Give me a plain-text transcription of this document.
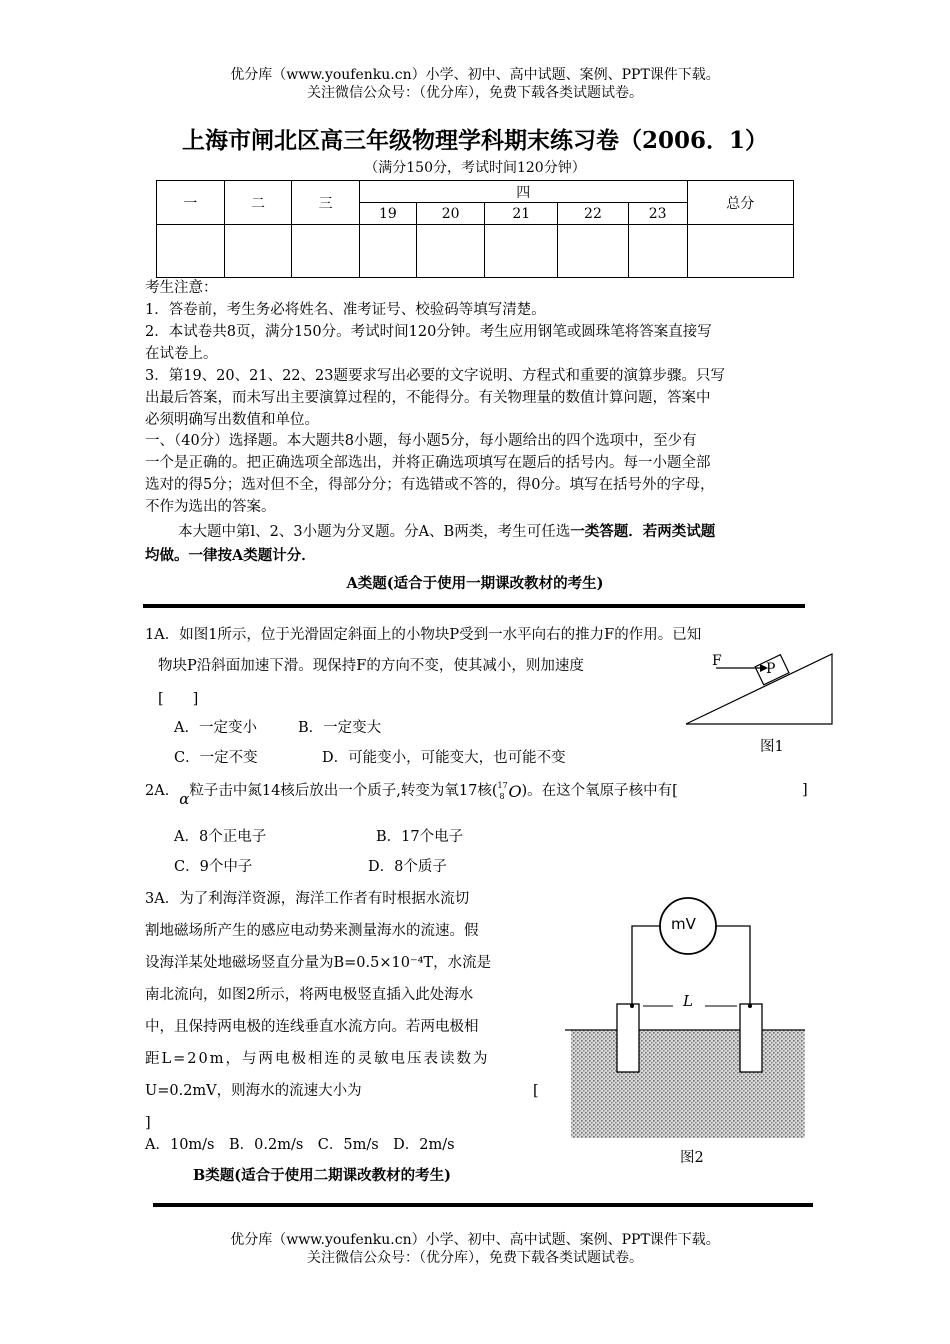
优分库（www.youfenku.cn）小学、初中、高中试题、案例、PPT课件下载。
关注微信公众号：（优分库），免费下载各类试题试卷。
上海市闸北区高三年级物理学科期末练习卷（2006．1）
（满分150分，考试时间120分钟）
一	二	三	四					总分
			19	20	21	22	23	

考生注意：
1．答卷前，考生务必将姓名、准考证号、校验码等填写清楚。
2．本试卷共8页，满分150分。考试时间120分钟。考生应用钢笔或圆珠笔将答案直接写
在试卷上。
3．第19、20、21、22、23题要求写出必要的文字说明、方程式和重要的演算步骤。只写
出最后答案，而未写出主要演算过程的，不能得分。有关物理量的数值计算问题，答案中
必须明确写出数值和单位。
一、（40分）选择题。本大题共8小题，每小题5分，每小题给出的四个选项中，至少有
一个是正确的。把正确选项全部选出，并将正确选项填写在题后的括号内。每一小题全部
选对的得5分；选对但不全，得部分分；有选错或不答的，得0分。填写在括号外的字母，
不作为选出的答案。
本大题中第l、2、3小题为分叉题。分A、B两类，考生可任选一类答题．若两类试题
均做。一律按A类题计分．
A类题(适合于使用一期课改教材的考生)
1A．如图1所示，位于光滑固定斜面上的小物块P受到一水平向右的推力F的作用。已知
物块P沿斜面加速下滑。现保持F的方向不变，使其减小，则加速度
[　　]
A．一定变小	B．一定变大
C．一定不变	D．可能变小，可能变大，也可能不变
F	P
图1
2A．α粒子击中氮14核后放出一个质子,转变为氧17核( 17
8 O )。在这个氧原子核中有[	]
A．8个正电子	B．17个电子
C．9个中子	D．8个质子
3A．为了利海洋资源，海洋工作者有时根据水流切
割地磁场所产生的感应电动势来测量海水的流速。假
设海洋某处地磁场竖直分量为B=0.5×10⁻⁴T，水流是
南北流向，如图2所示，将两电极竖直插入此处海水
中，且保持两电极的连线垂直水流方向。若两电极相
距L=20m，与两电极相连的灵敏电压表读数为
U=0.2mV，则海水的流速大小为	[
]
A．10m/s　B．0.2m/s　C．5m/s　D．2m/s
mV
L
图2
B类题(适合于使用二期课改教材的考生)
优分库（www.youfenku.cn）小学、初中、高中试题、案例、PPT课件下载。
关注微信公众号：（优分库），免费下载各类试题试卷。
